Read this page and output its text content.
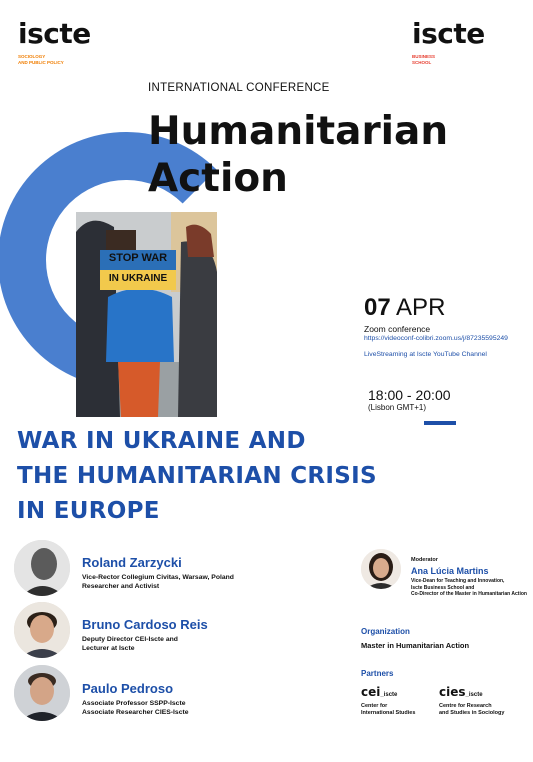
iscte
SOCIOLOGY
AND PUBLIC POLICY
iscte
BUSINESS
SCHOOL
INTERNATIONAL CONFERENCE
Humanitarian
Action
STOP WAR
IN UKRAINE
07 APR
Zoom conference
https://videoconf-colibri.zoom.us/j/87235595249
LiveStreaming at Iscte YouTube Channel
18:00 - 20:00
(Lisbon GMT+1)
WAR IN UKRAINE AND
THE HUMANITARIAN CRISIS
IN EUROPE
Roland Zarzycki
Vice-Rector Collegium Civitas, Warsaw, Poland
Researcher and Activist
Bruno Cardoso Reis
Deputy Director CEI-Iscte and
Lecturer at Iscte
Paulo Pedroso
Associate Professor SSPP-Iscte
Associate Researcher CIES-Iscte
Moderator
Ana Lúcia Martins
Vice-Dean for Teaching and Innovation,
Iscte Business School and
Co-Director of the Master in Humanitarian Action
Organization
Master in Humanitarian Action
Partners
cei_iscte
Center for
International Studies
cies_iscte
Centre for Research
and Studies in Sociology
